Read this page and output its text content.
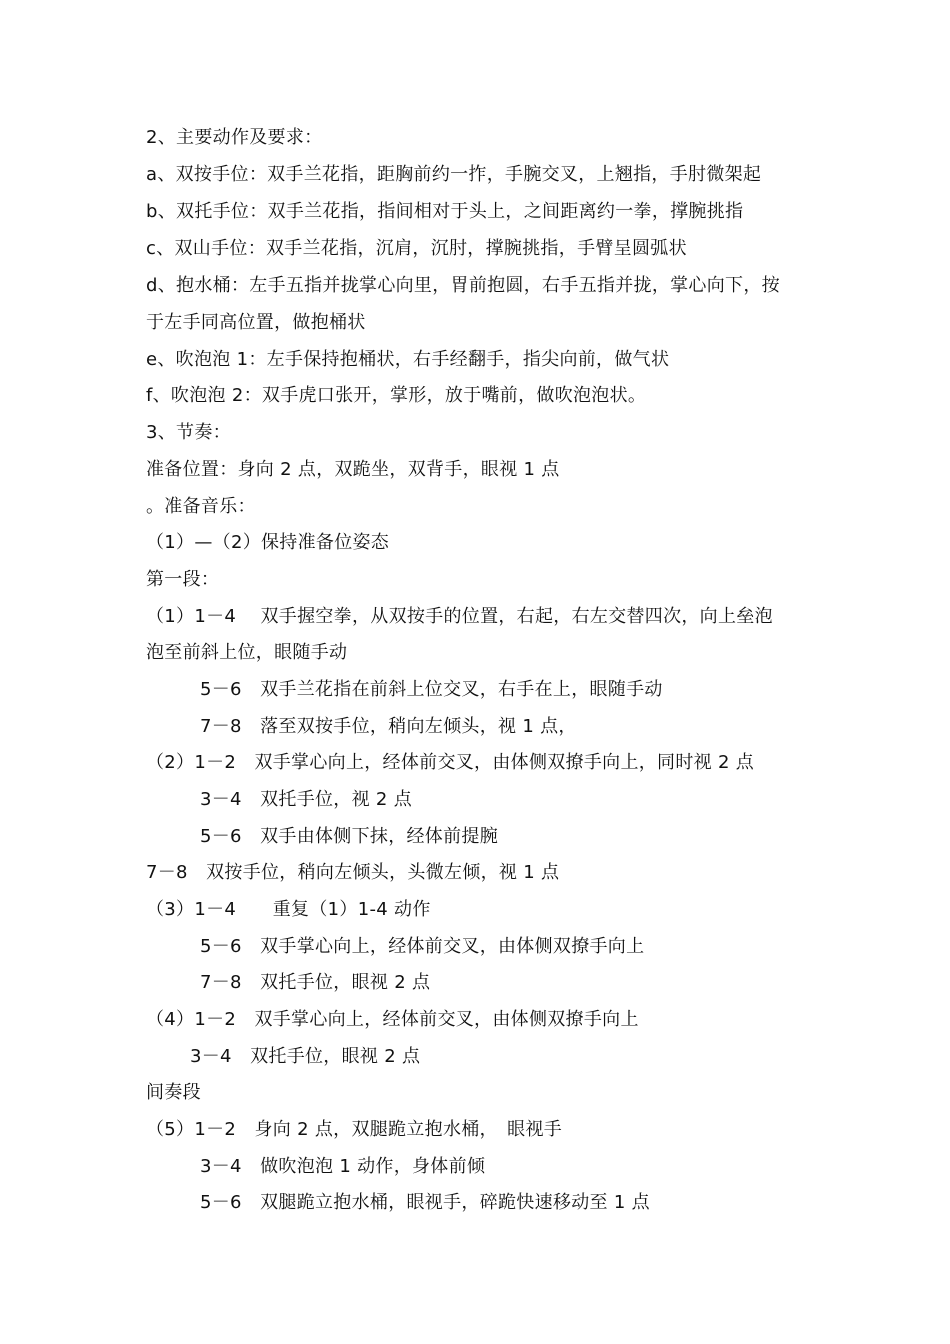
2、主要动作及要求：
a、双按手位：双手兰花指，距胸前约一拃，手腕交叉，上翘指，手肘微架起
b、双托手位：双手兰花指，指间相对于头上，之间距离约一拳，撑腕挑指
c、双山手位：双手兰花指，沉肩，沉肘，撑腕挑指，手臂呈圆弧状
d、抱水桶：左手五指并拢掌心向里，胃前抱圆，右手五指并拢，掌心向下，按
于左手同高位置，做抱桶状
e、吹泡泡 1：左手保持抱桶状，右手经翻手，指尖向前，做气状
f、吹泡泡 2：双手虎口张开，掌形，放于嘴前，做吹泡泡状。
3、节奏：
准备位置：身向 2 点，双跪坐，双背手，眼视 1 点
。准备音乐：
（1）—（2）保持准备位姿态
第一段：
（1）1－4　 双手握空拳，从双按手的位置，右起，右左交替四次，向上垒泡
泡至前斜上位，眼随手动
5－6　双手兰花指在前斜上位交叉，右手在上，眼随手动
7－8　落至双按手位，稍向左倾头，视 1 点，
（2）1－2　双手掌心向上，经体前交叉，由体侧双撩手向上，同时视 2 点
3－4　双托手位，视 2 点
5－6　双手由体侧下抹，经体前提腕
7－8　双按手位，稍向左倾头，头微左倾，视 1 点
（3）1－4　　重复（1）1-4 动作
5－6　双手掌心向上，经体前交叉，由体侧双撩手向上
7－8　双托手位，眼视 2 点
（4）1－2　双手掌心向上，经体前交叉，由体侧双撩手向上
3－4　双托手位，眼视 2 点
间奏段
（5）1－2　身向 2 点，双腿跪立抱水桶，　眼视手
3－4　做吹泡泡 1 动作，身体前倾
5－6　双腿跪立抱水桶，眼视手，碎跪快速移动至 1 点
